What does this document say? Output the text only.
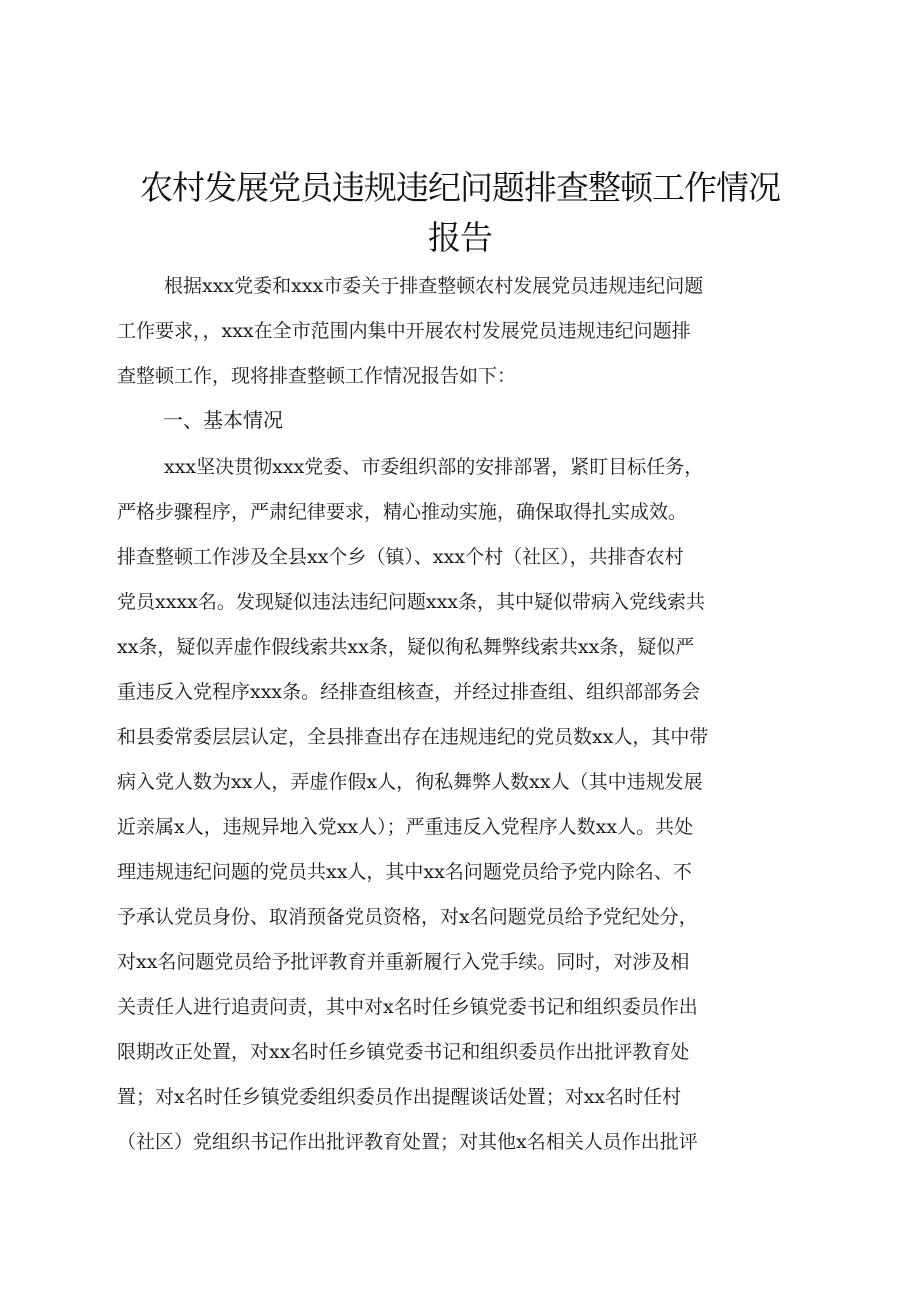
农村发展党员违规违纪问题排查整顿工作情况
报告

根据xxx党委和xxx市委关于排查整顿农村发展党员违规违纪问题

工作要求，，xxx在全市范围内集中开展农村发展党员违规违纪问题排

查整顿工作，现将排查整顿工作情况报告如下：

一、基本情况

xxx坚决贯彻xxx党委、市委组织部的安排部署，紧盯目标任务，

严格步骤程序，严肃纪律要求，精心推动实施，确保取得扎实成效。

排查整顿工作涉及全县xx个乡（镇）、xxx个村（社区），共排杳农村

党员xxxx名。发现疑似违法违纪问题xxx条，其中疑似带病入党线索共

xx条，疑似弄虚作假线索共xx条，疑似徇私舞弊线索共xx条，疑似严

重违反入党程序xxx条。经排查组核查，并经过排查组、组织部部务会

和县委常委层层认定，全县排查出存在违规违纪的党员数xx人，其中带

病入党人数为xx人，弄虚作假x人，徇私舞弊人数xx人（其中违规发展

近亲属x人，违规异地入党xx人）；严重违反入党程序人数xx人。共处

理违规违纪问题的党员共xx人，其中xx名问题党员给予党内除名、不

予承认党员身份、取消预备党员资格，对x名问题党员给予党纪处分，

对xx名问题党员给予批评教育并重新履行入党手续。同时，对涉及相

关责任人进行追责问责，其中对x名时任乡镇党委书记和组织委员作出

限期改正处置，对xx名时任乡镇党委书记和组织委员作出批评教育处

置；对x名时任乡镇党委组织委员作出提醒谈话处置；对xx名时任村

（社区）党组织书记作出批评教育处置；对其他x名相关人员作出批评
